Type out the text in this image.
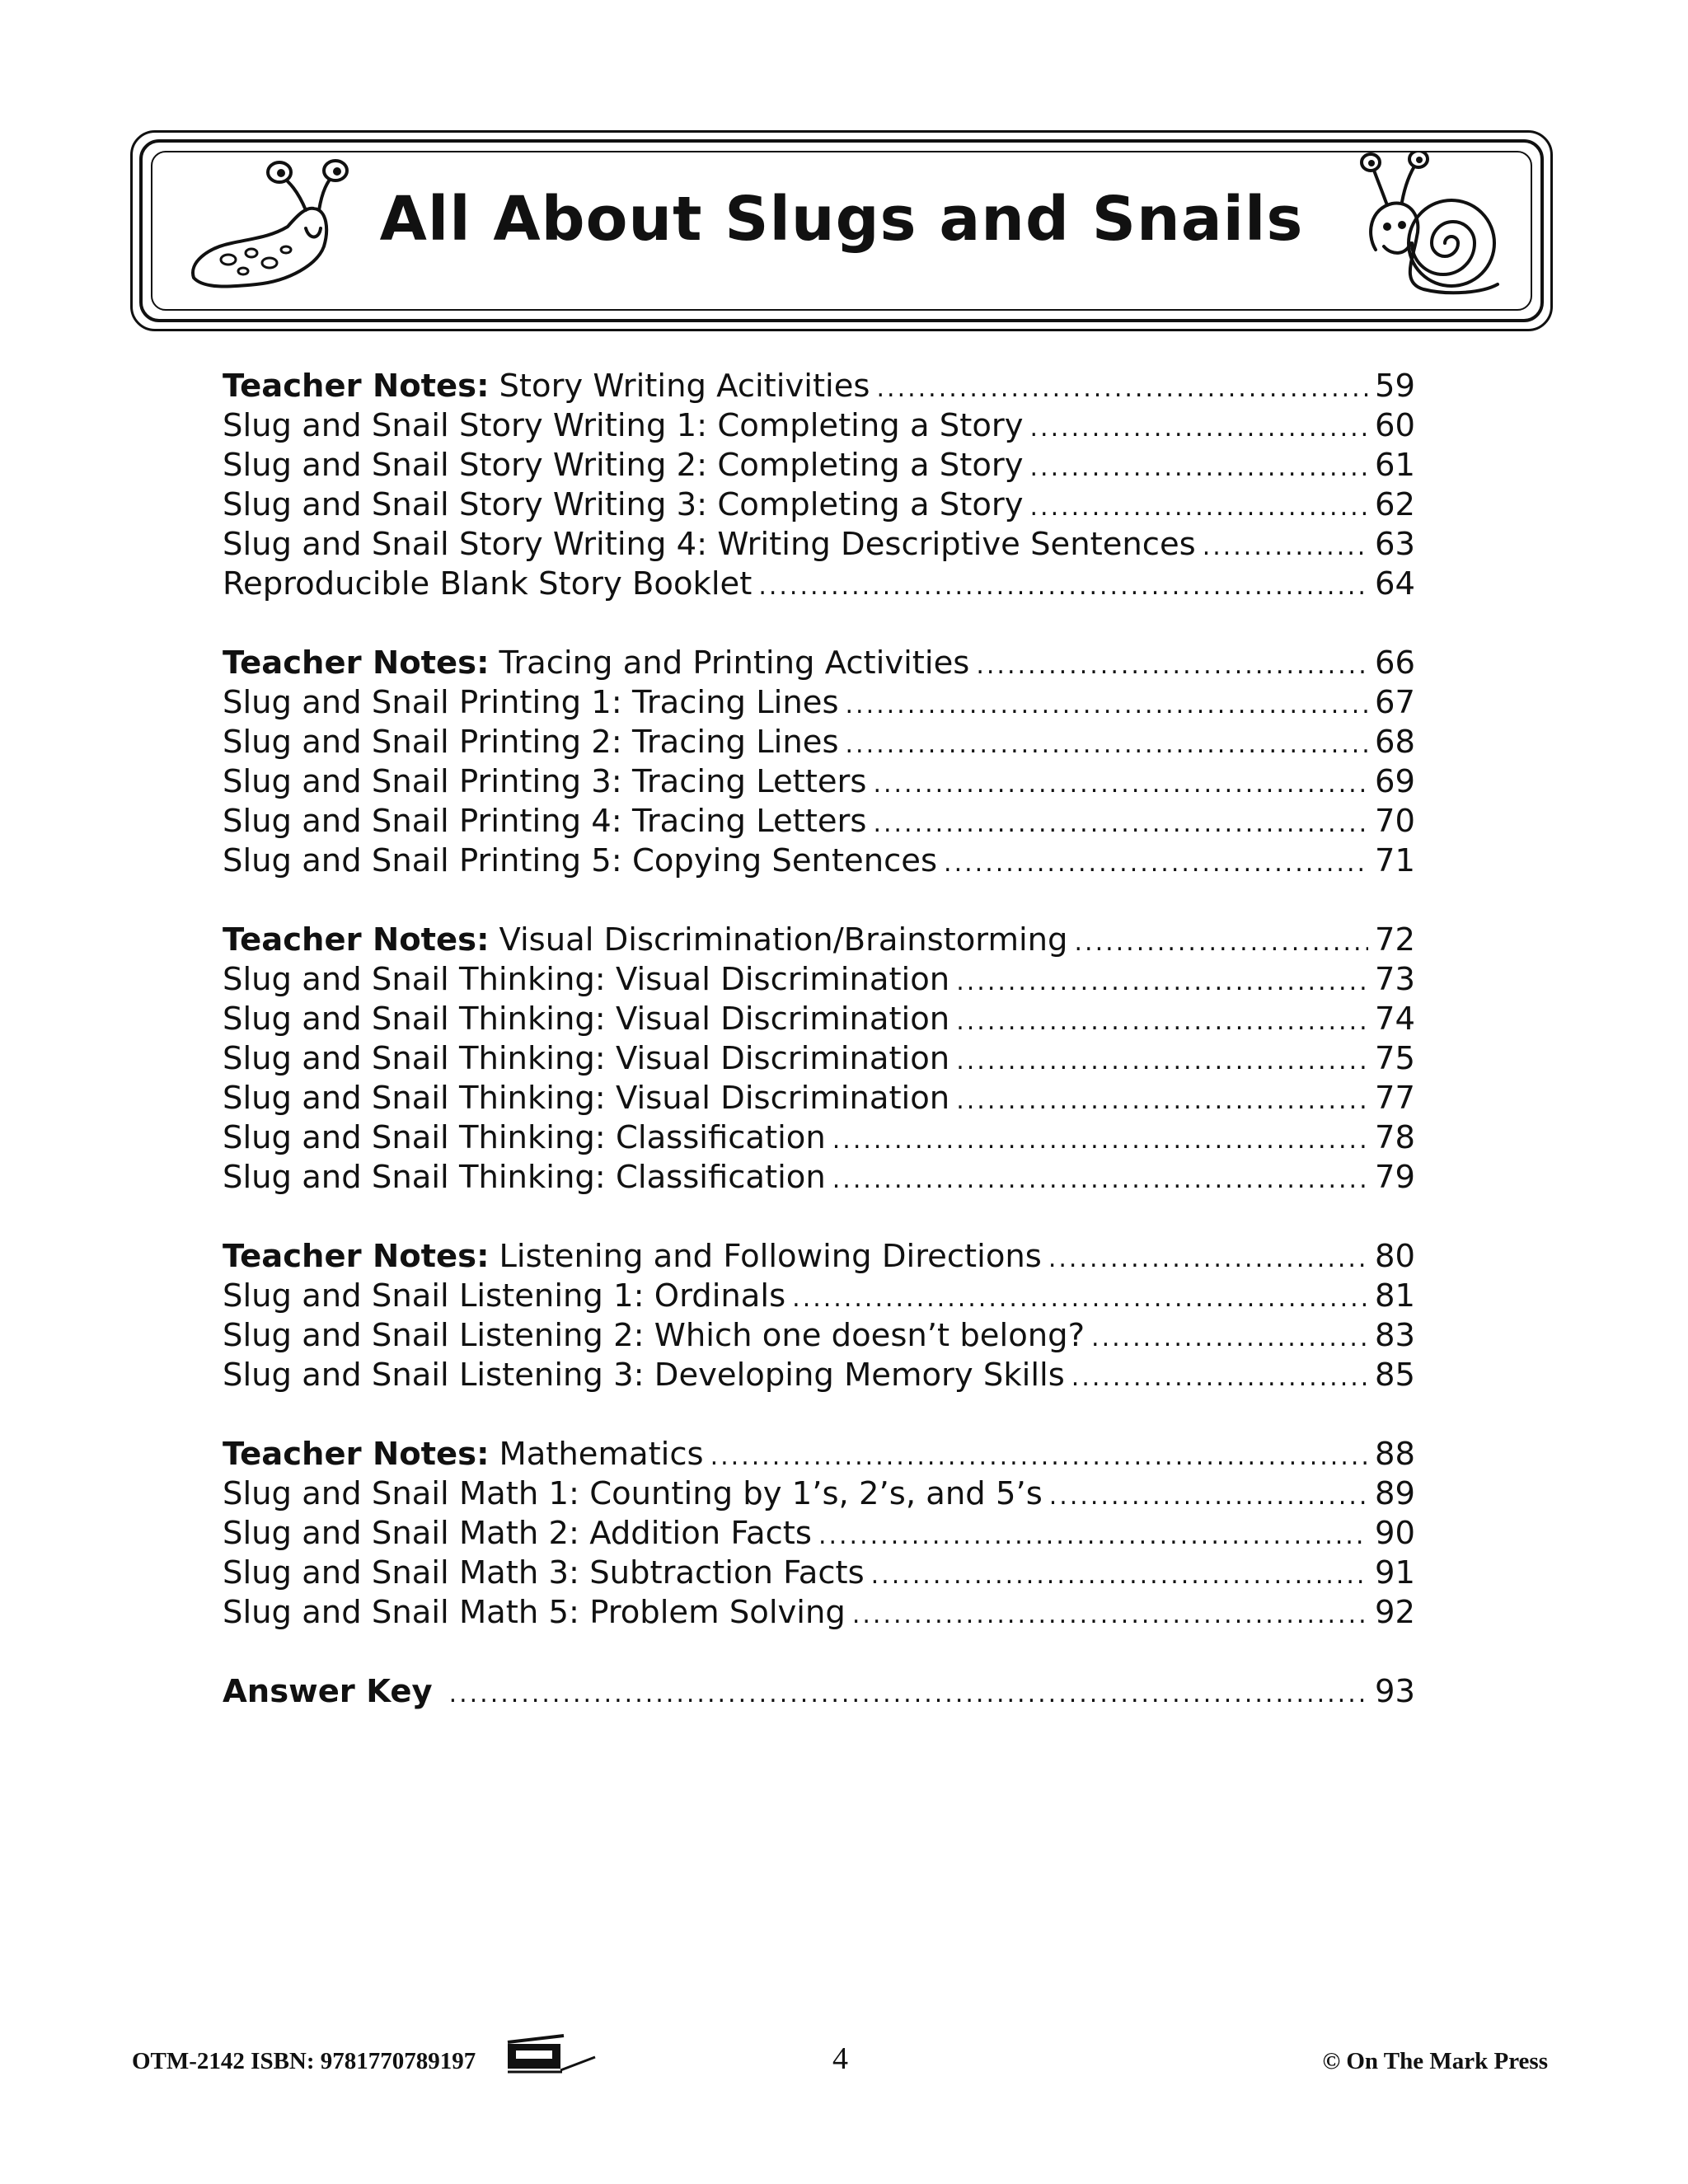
All About Slugs and Snails
Teacher Notes: Story Writing Acitivities .....	59
Slug and Snail Story Writing 1: Completing a Story .....	60
Slug and Snail Story Writing 2: Completing a Story .....	61
Slug and Snail Story Writing 3: Completing a Story .....	62
Slug and Snail Story Writing 4: Writing Descriptive Sentences .....	63
Reproducible Blank Story Booklet .....	64
Teacher Notes: Tracing and Printing Activities .....	66
Slug and Snail Printing 1: Tracing Lines .....	67
Slug and Snail Printing 2: Tracing Lines .....	68
Slug and Snail Printing 3: Tracing Letters .....	69
Slug and Snail Printing 4: Tracing Letters .....	70
Slug and Snail Printing 5: Copying Sentences .....	71
Teacher Notes: Visual Discrimination/Brainstorming .....	72
Slug and Snail Thinking: Visual Discrimination .....	73
Slug and Snail Thinking: Visual Discrimination .....	74
Slug and Snail Thinking: Visual Discrimination .....	75
Slug and Snail Thinking: Visual Discrimination .....	77
Slug and Snail Thinking: Classification .....	78
Slug and Snail Thinking: Classification .....	79
Teacher Notes: Listening and Following Directions .....	80
Slug and Snail Listening 1: Ordinals .....	81
Slug and Snail Listening 2: Which one doesn’t belong? .....	83
Slug and Snail Listening 3: Developing Memory Skills .....	85
Teacher Notes: Mathematics .....	88
Slug and Snail Math 1: Counting by 1’s, 2’s, and 5’s .....	89
Slug and Snail Math 2: Addition Facts .....	90
Slug and Snail Math 3: Subtraction Facts .....	91
Slug and Snail Math 5: Problem Solving .....	92
Answer Key .....	93
OTM-2142 ISBN: 9781770789197	4	© On The Mark Press
